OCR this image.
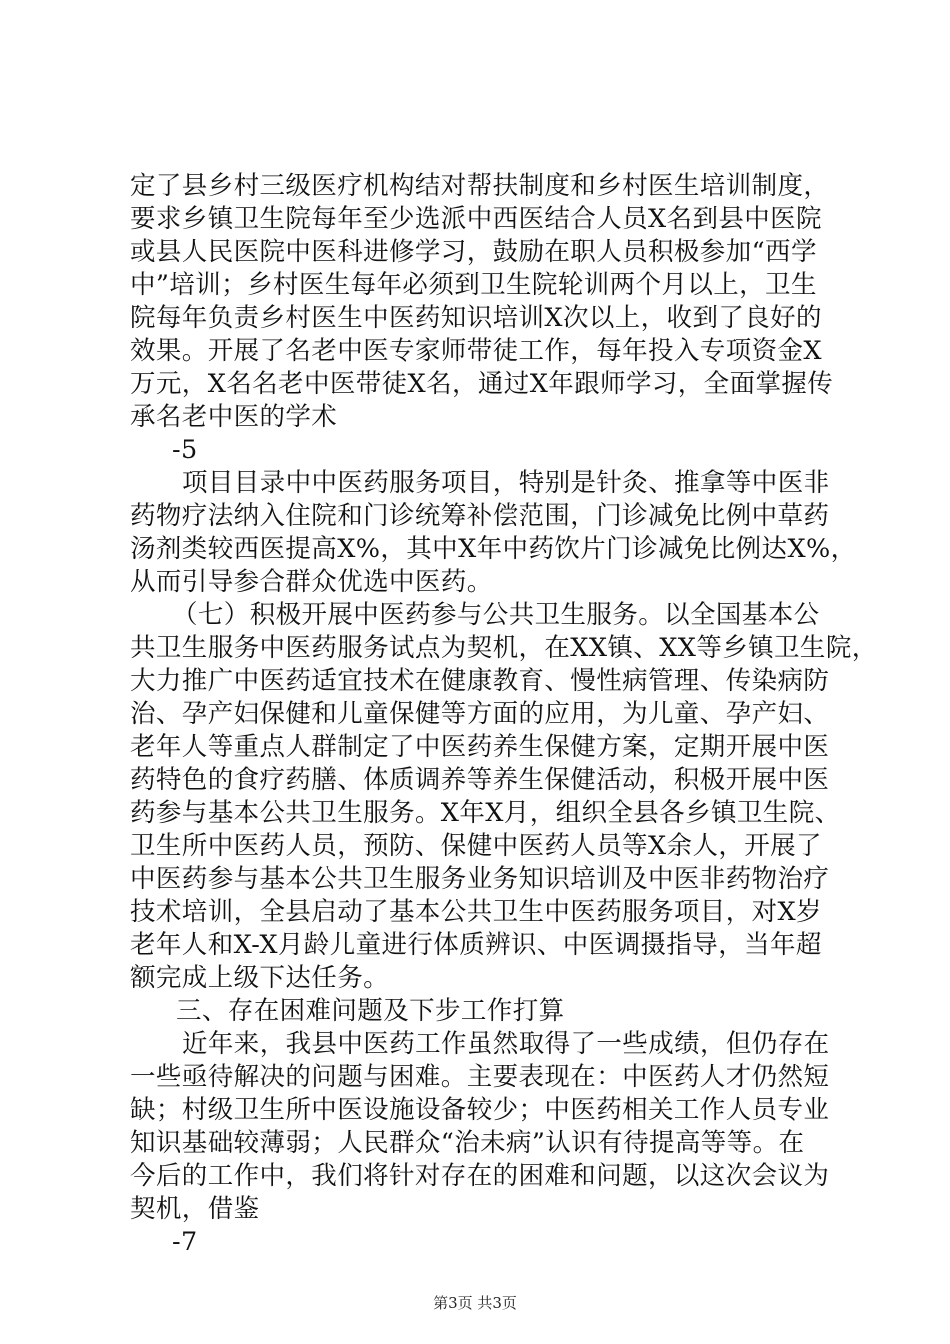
定了县乡村三级医疗机构结对帮扶制度和乡村医生培训制度，
要求乡镇卫生院每年至少选派中西医结合人员X名到县中医院
或县人民医院中医科进修学习，鼓励在职人员积极参加“西学
中”培训；乡村医生每年必须到卫生院轮训两个月以上，卫生
院每年负责乡村医生中医药知识培训X次以上，收到了良好的
效果。开展了名老中医专家师带徒工作，每年投入专项资金X
万元，X名名老中医带徒X名，通过X年跟师学习，全面掌握传
承名老中医的学术
-5
项目目录中中医药服务项目，特别是针灸、推拿等中医非
药物疗法纳入住院和门诊统筹补偿范围，门诊减免比例中草药
汤剂类较西医提高X%，其中X年中药饮片门诊减免比例达X%，
从而引导参合群众优选中医药。
（七）积极开展中医药参与公共卫生服务。以全国基本公
共卫生服务中医药服务试点为契机，在XX镇、XX等乡镇卫生院，
大力推广中医药适宜技术在健康教育、慢性病管理、传染病防
治、孕产妇保健和儿童保健等方面的应用，为儿童、孕产妇、
老年人等重点人群制定了中医药养生保健方案，定期开展中医
药特色的食疗药膳、体质调养等养生保健活动，积极开展中医
药参与基本公共卫生服务。X年X月，组织全县各乡镇卫生院、
卫生所中医药人员，预防、保健中医药人员等X余人，开展了
中医药参与基本公共卫生服务业务知识培训及中医非药物治疗
技术培训，全县启动了基本公共卫生中医药服务项目，对X岁
老年人和X-X月龄儿童进行体质辨识、中医调摄指导，当年超
额完成上级下达任务。
三、存在困难问题及下步工作打算
近年来，我县中医药工作虽然取得了一些成绩，但仍存在
一些亟待解决的问题与困难。主要表现在：中医药人才仍然短
缺；村级卫生所中医设施设备较少；中医药相关工作人员专业
知识基础较薄弱；人民群众“治未病”认识有待提高等等。在
今后的工作中，我们将针对存在的困难和问题，以这次会议为
契机，借鉴
-7
第3页 共3页
